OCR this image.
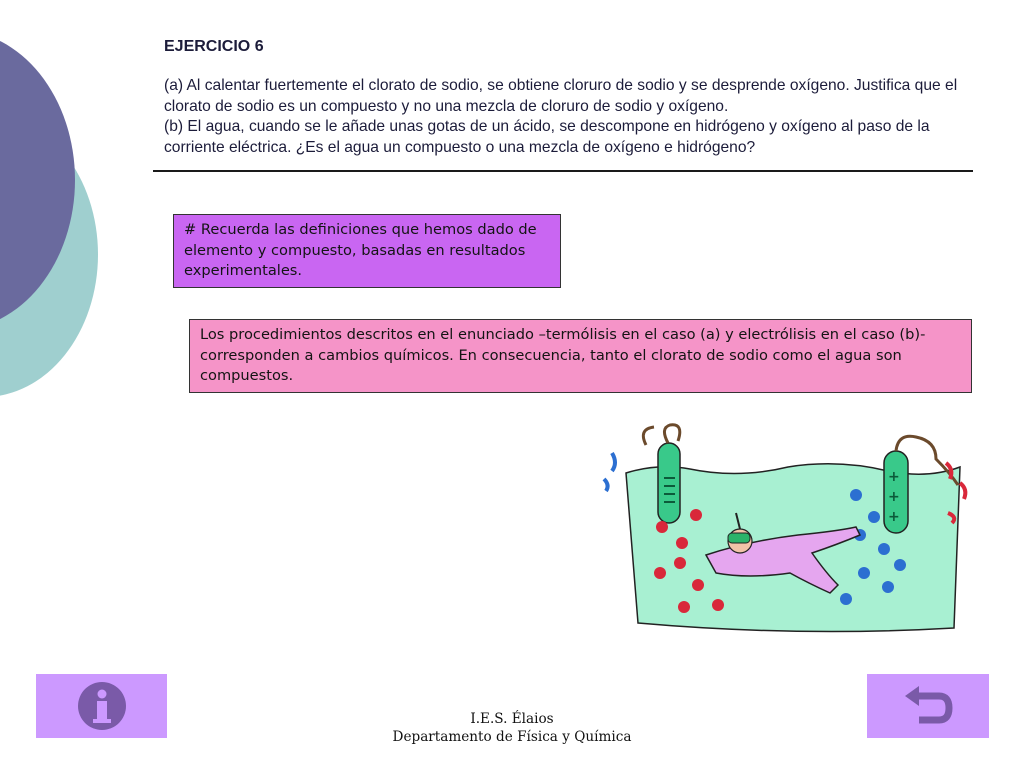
EJERCICIO 6

(a) Al calentar fuertemente el clorato de sodio, se obtiene cloruro de sodio y se desprende oxígeno. Justifica que el clorato de sodio es un compuesto y no una mezcla de cloruro de sodio y oxígeno.

(b) El agua, cuando se le añade unas gotas de un ácido, se descompone en hidrógeno y oxígeno al paso de la corriente eléctrica. ¿Es el agua un compuesto o una mezcla de oxígeno e hidrógeno?

# Recuerda las definiciones que hemos dado de elemento y compuesto, basadas en resultados experimentales.
Los procedimientos descritos en el enunciado –termólisis en el caso (a) y electrólisis en el caso (b)- corresponden a cambios químicos. En consecuencia, tanto el clorato de sodio como el agua son compuestos.
+
+
+
I.E.S. Élaios
Departamento de Física y Química
